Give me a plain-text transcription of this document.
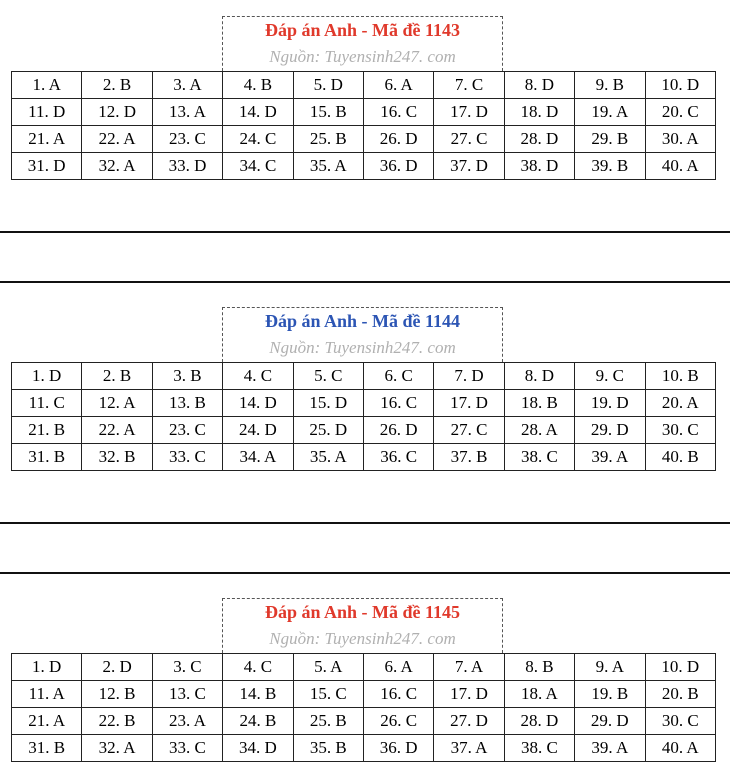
Đáp án Anh - Mã đề 1143
Nguồn: Tuyensinh247. com
1. A	2. B	3. A	4. B	5. D	6. A	7. C	8. D	9. B	10. D
11. D	12. D	13. A	14. D	15. B	16. C	17. D	18. D	19. A	20. C
21. A	22. A	23. C	24. C	25. B	26. D	27. C	28. D	29. B	30. A
31. D	32. A	33. D	34. C	35. A	36. D	37. D	38. D	39. B	40. A
Đáp án Anh - Mã đề 1144
Nguồn: Tuyensinh247. com
1. D	2. B	3. B	4. C	5. C	6. C	7. D	8. D	9. C	10. B
11. C	12. A	13. B	14. D	15. D	16. C	17. D	18. B	19. D	20. A
21. B	22. A	23. C	24. D	25. D	26. D	27. C	28. A	29. D	30. C
31. B	32. B	33. C	34. A	35. A	36. C	37. B	38. C	39. A	40. B
Đáp án Anh - Mã đề 1145
Nguồn: Tuyensinh247. com
1. D	2. D	3. C	4. C	5. A	6. A	7. A	8. B	9. A	10. D
11. A	12. B	13. C	14. B	15. C	16. C	17. D	18. A	19. B	20. B
21. A	22. B	23. A	24. B	25. B	26. C	27. D	28. D	29. D	30. C
31. B	32. A	33. C	34. D	35. B	36. D	37. A	38. C	39. A	40. A
